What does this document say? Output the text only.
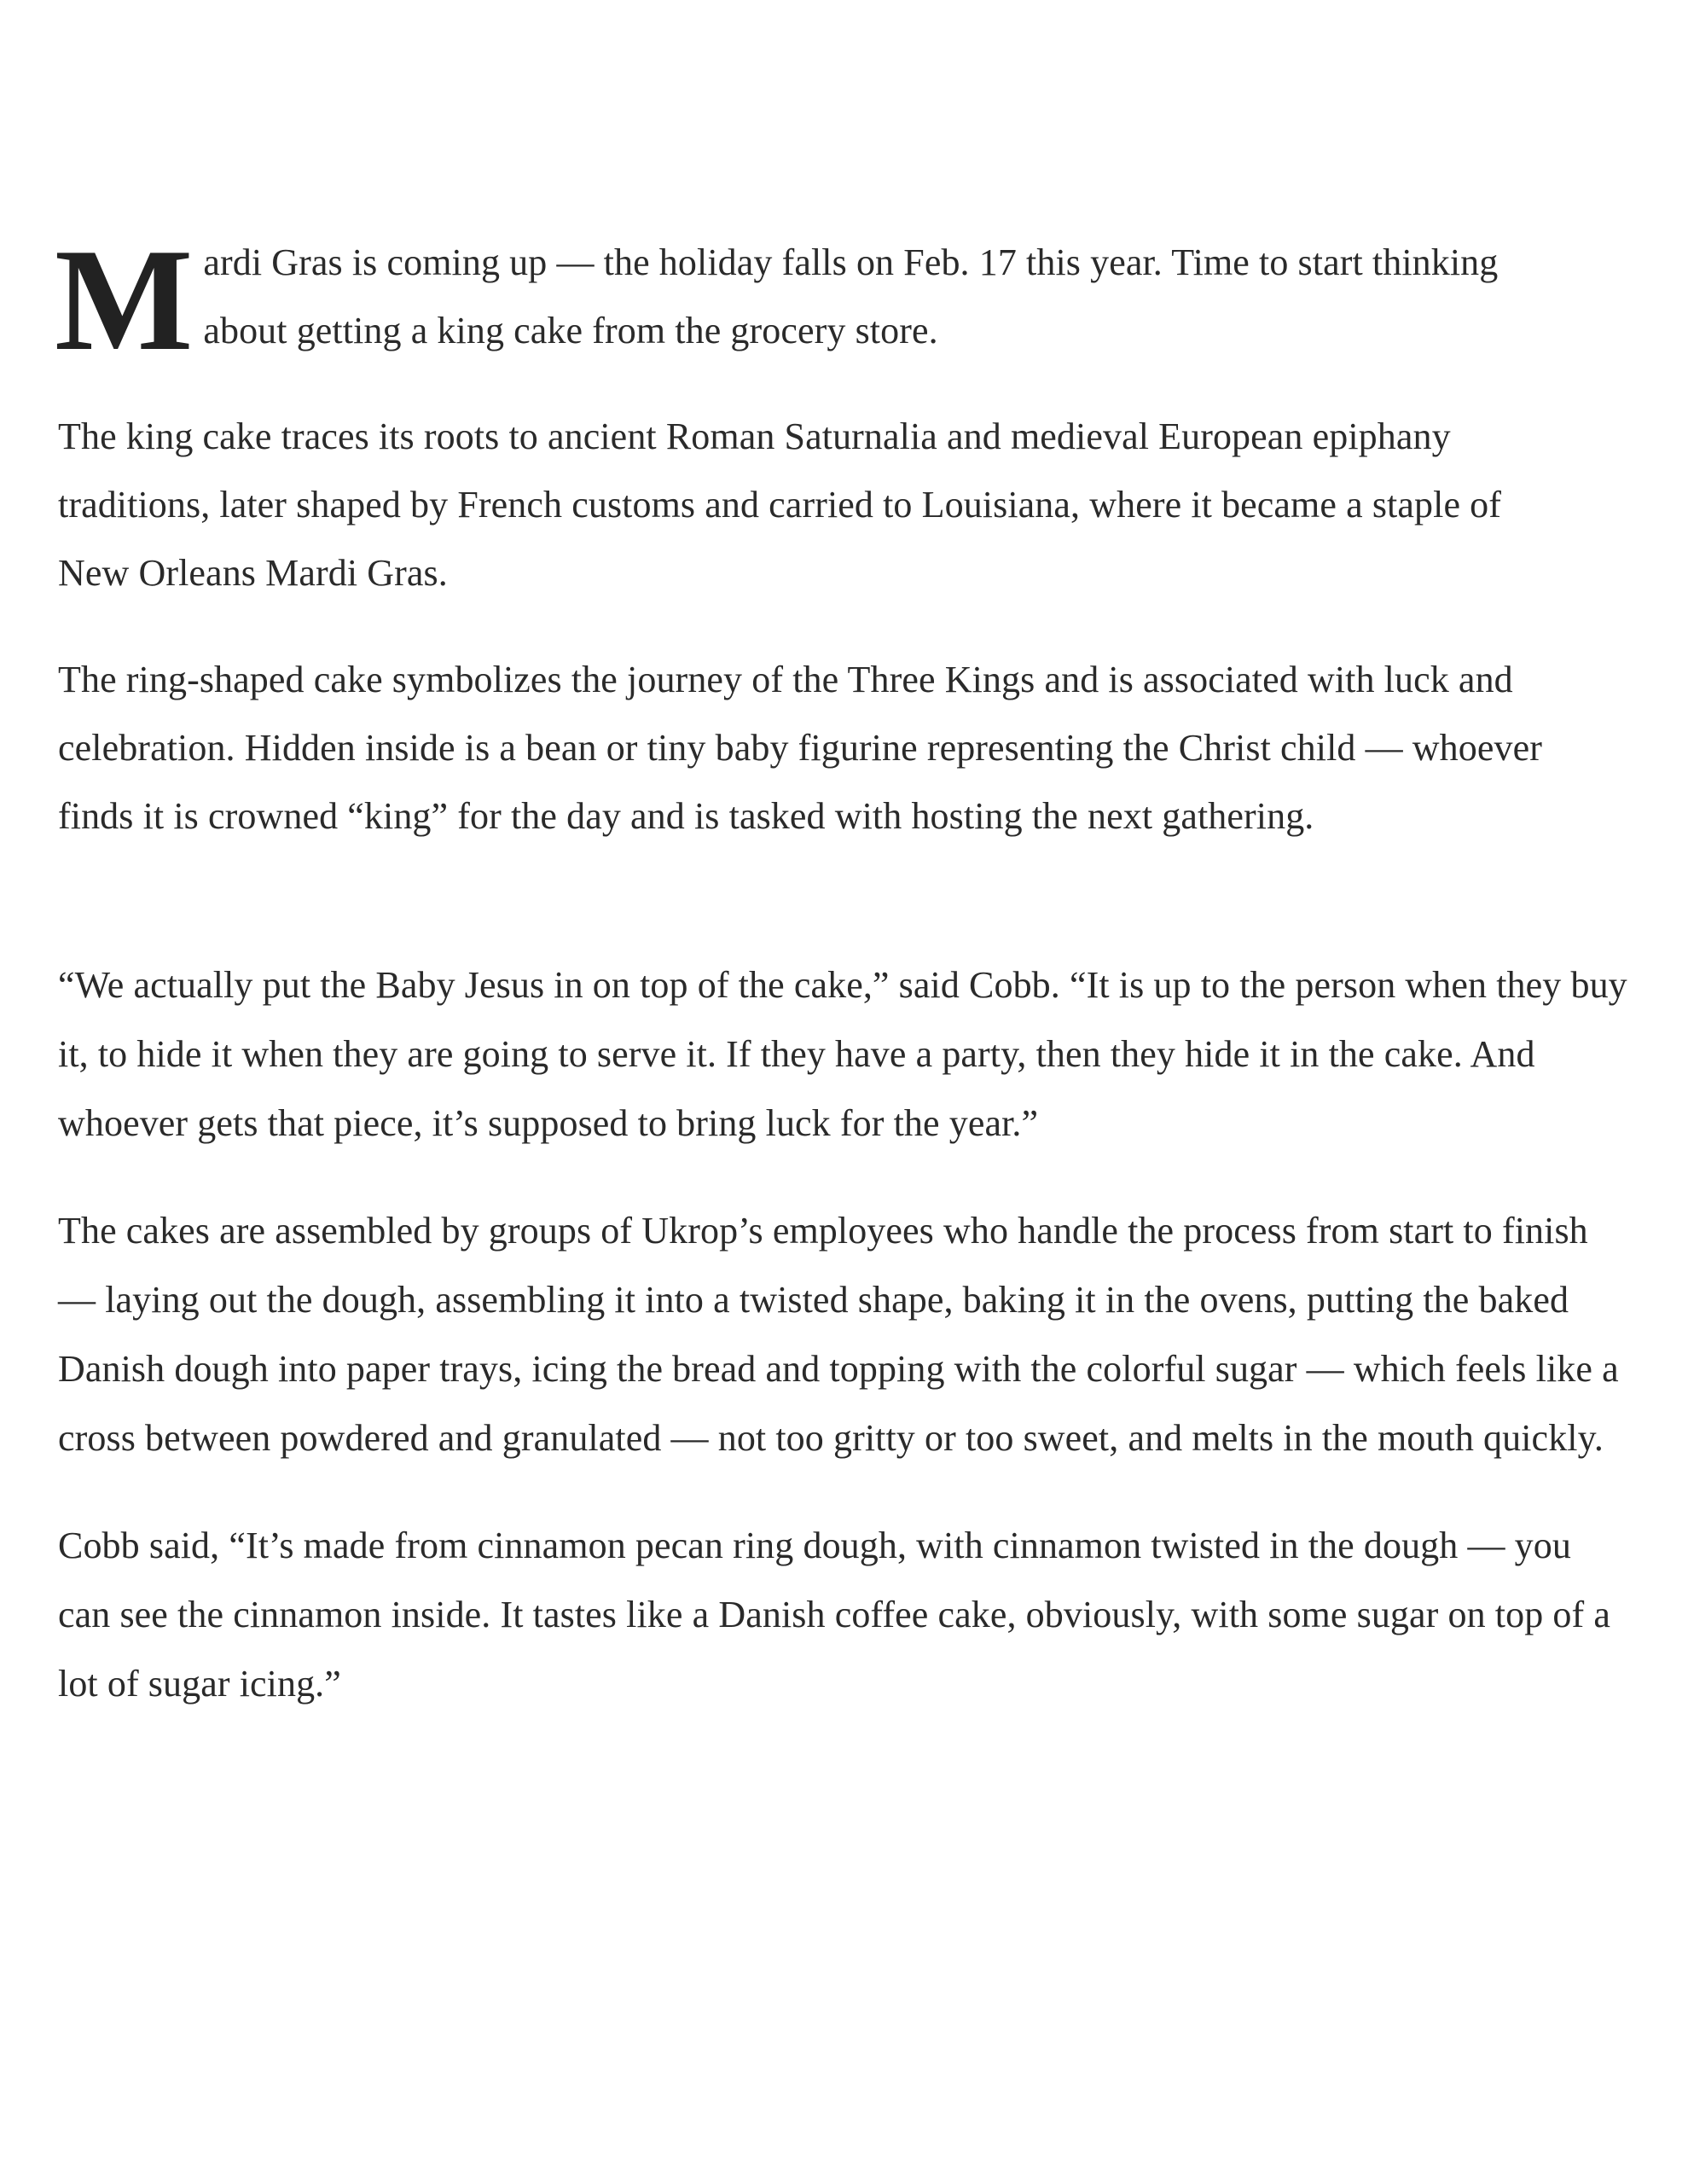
Mardi Gras is coming up — the holiday falls on Feb. 17 this year. Time to start thinking about getting a king cake from the grocery store.

The king cake traces its roots to ancient Roman Saturnalia and medieval European epiphany traditions, later shaped by French customs and carried to Louisiana, where it became a staple of New Orleans Mardi Gras.

The ring-shaped cake symbolizes the journey of the Three Kings and is associated with luck and celebration. Hidden inside is a bean or tiny baby figurine representing the Christ child — whoever finds it is crowned “king” for the day and is tasked with hosting the next gathering.

“We actually put the Baby Jesus in on top of the cake,” said Cobb. “It is up to the person when they buy it, to hide it when they are going to serve it. If they have a party, then they hide it in the cake. And whoever gets that piece, it’s supposed to bring luck for the year.”

The cakes are assembled by groups of Ukrop’s employees who handle the process from start to finish — laying out the dough, assembling it into a twisted shape, baking it in the ovens, putting the baked Danish dough into paper trays, icing the bread and topping with the colorful sugar — which feels like a cross between powdered and granulated — not too gritty or too sweet, and melts in the mouth quickly.

Cobb said, “It’s made from cinnamon pecan ring dough, with cinnamon twisted in the dough — you can see the cinnamon inside. It tastes like a Danish coffee cake, obviously, with some sugar on top of a lot of sugar icing.”
